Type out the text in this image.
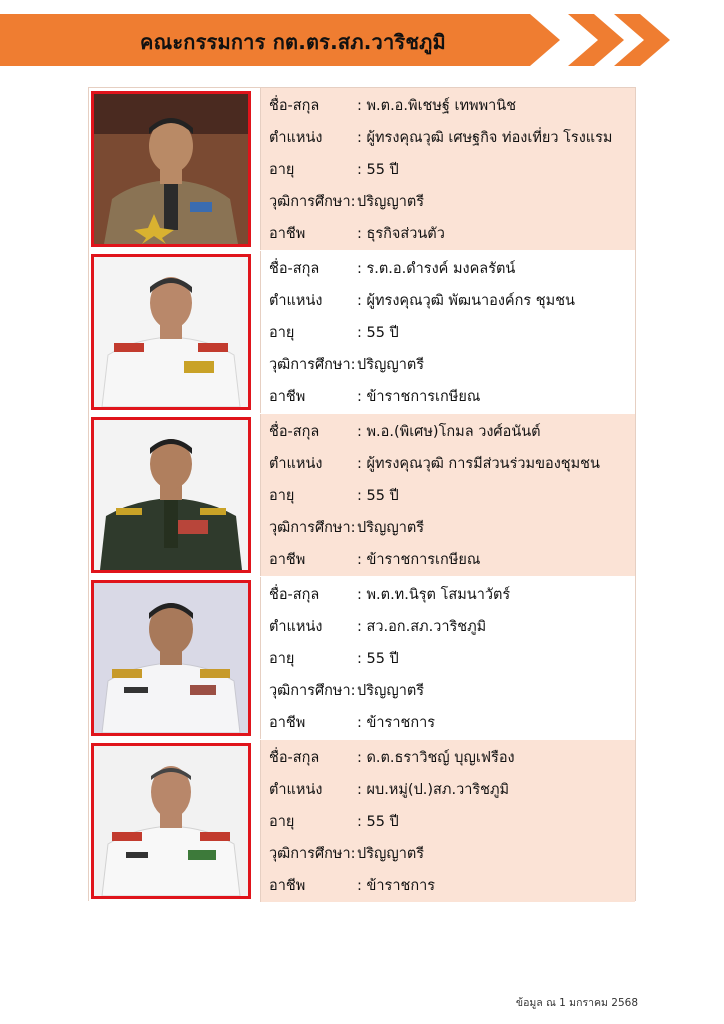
คณะกรรมการ กต.ตร.สภ.วาริชภูมิ
ชื่อ-สกุล	: พ.ต.อ.พิเชษฐ์ เทพพานิช
ตำแหน่ง : ผู้ทรงคุณวุฒิ เศษฐกิจ ท่องเที่ยว โรงแรม
อายุ	: 55 ปี
วุฒิการศึกษา: ปริญญาตรี
อาชีพ	: ธุรกิจส่วนตัว
ชื่อ-สกุล	: ร.ต.อ.ดำรงค์ มงคลรัตน์
ตำแหน่ง : ผู้ทรงคุณวุฒิ พัฒนาองค์กร ชุมชน
อายุ	: 55 ปี
วุฒิการศึกษา: ปริญญาตรี
อาชีพ	: ข้าราชการเกษียณ
ชื่อ-สกุล	: พ.อ.(พิเศษ)โกมล วงศ์อนันต์
ตำแหน่ง : ผู้ทรงคุณวุฒิ การมีส่วนร่วมของชุมชน
อายุ	: 55 ปี
วุฒิการศึกษา: ปริญญาตรี
อาชีพ	: ข้าราชการเกษียณ
ชื่อ-สกุล	: พ.ต.ท.นิรุต โสมนาวัตร์
ตำแหน่ง : สว.อก.สภ.วาริชภูมิ
อายุ	: 55 ปี
วุฒิการศึกษา: ปริญญาตรี
อาชีพ	: ข้าราชการ
ชื่อ-สกุล	: ด.ต.ธราวิชญ์ บุญเฟรือง
ตำแหน่ง : ผบ.หมู่(ป.)สภ.วาริชภูมิ
อายุ	: 55 ปี
วุฒิการศึกษา: ปริญญาตรี
อาชีพ	: ข้าราชการ
ข้อมูล ณ 1 มกราคม 2568
